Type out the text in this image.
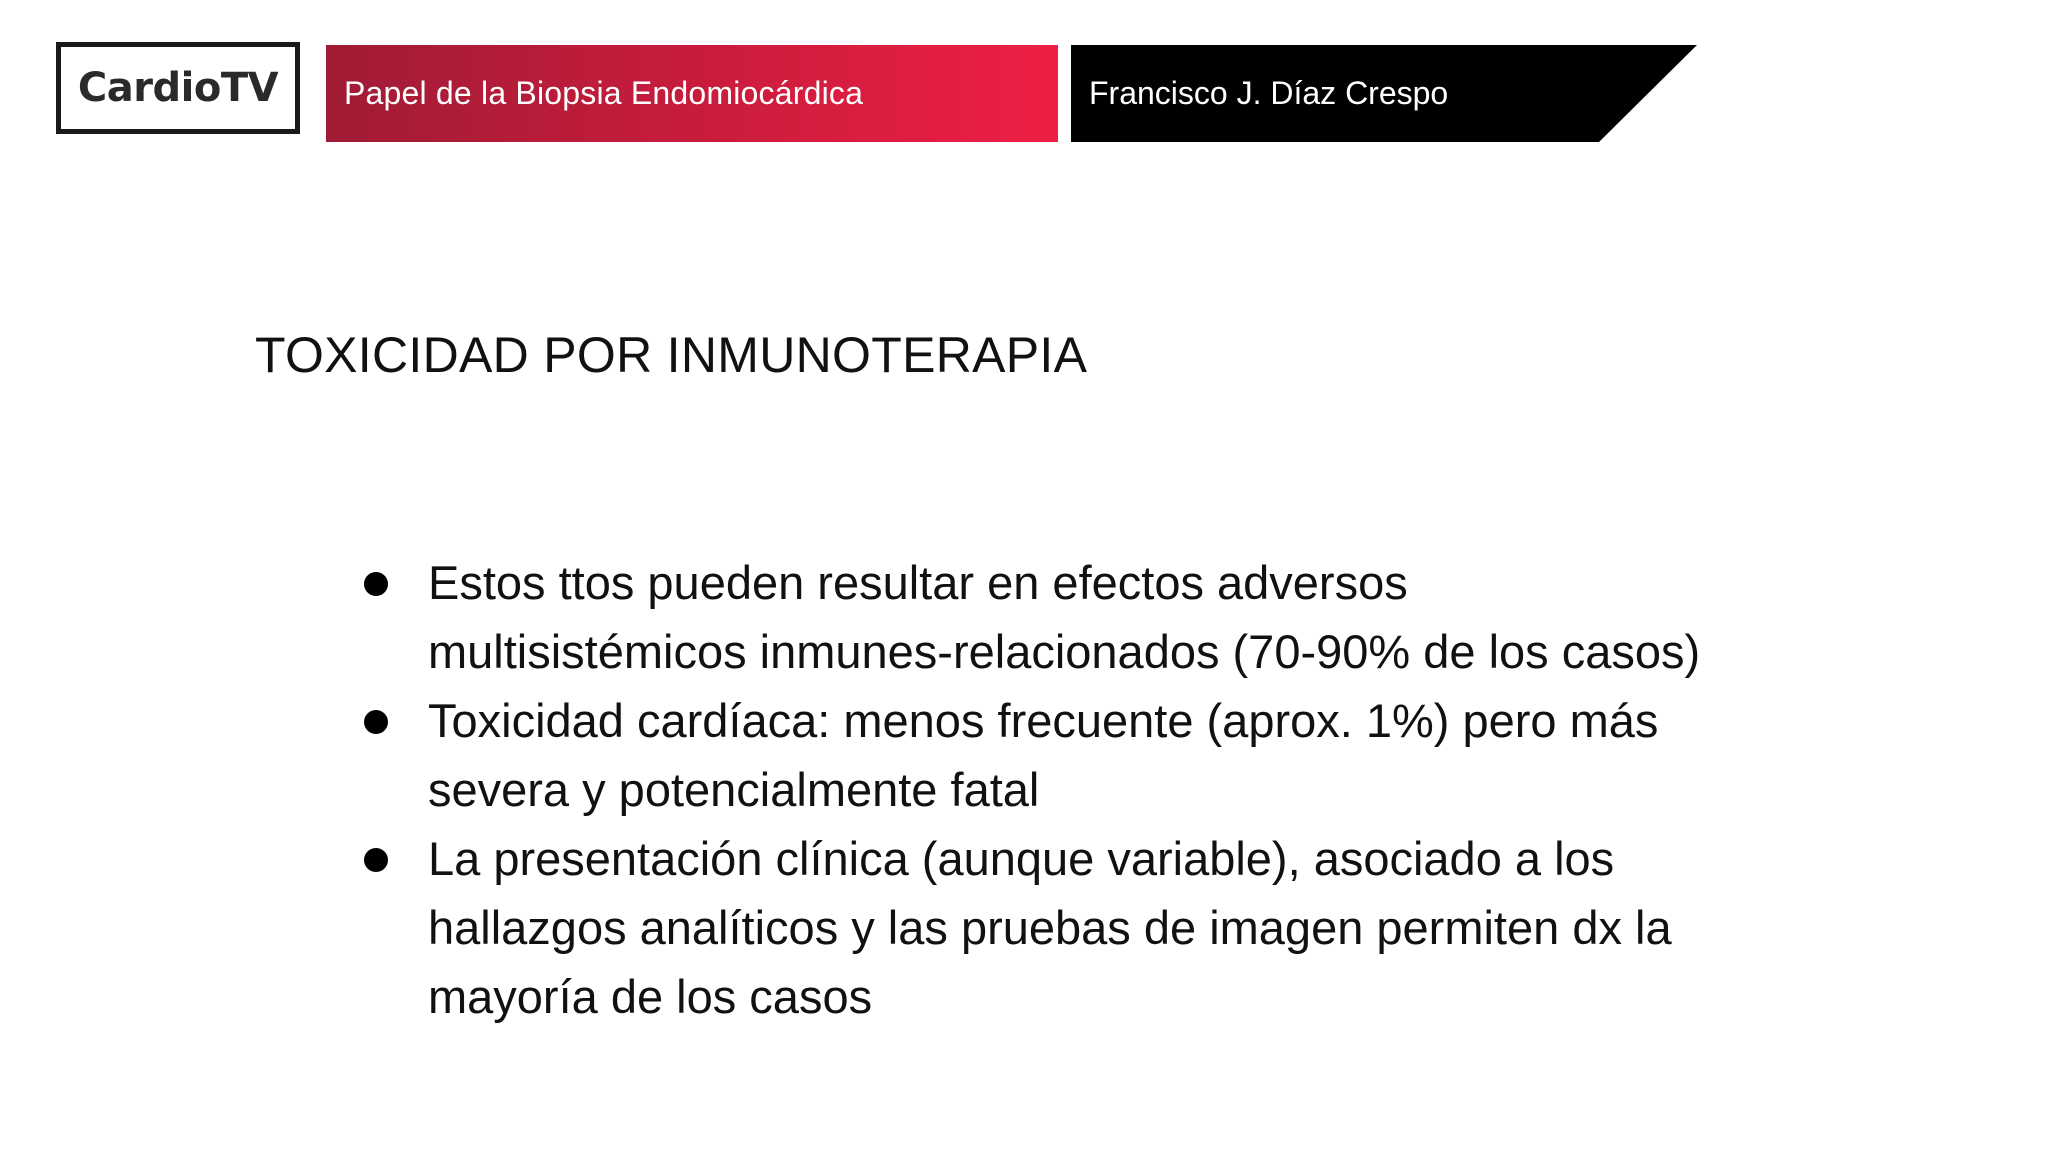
CardioTV Papel de la Biopsia Endomiocárdica	Francisco J. Díaz Crespo
TOXICIDAD POR INMUNOTERAPIA
Estos ttos pueden resultar en efectos adversos
multisistémicos inmunes-relacionados (70-90% de los casos)
Toxicidad cardíaca: menos frecuente (aprox. 1%) pero más
severa y potencialmente fatal
La presentación clínica (aunque variable), asociado a los
hallazgos analíticos y las pruebas de imagen permiten dx la
mayoría de los casos
